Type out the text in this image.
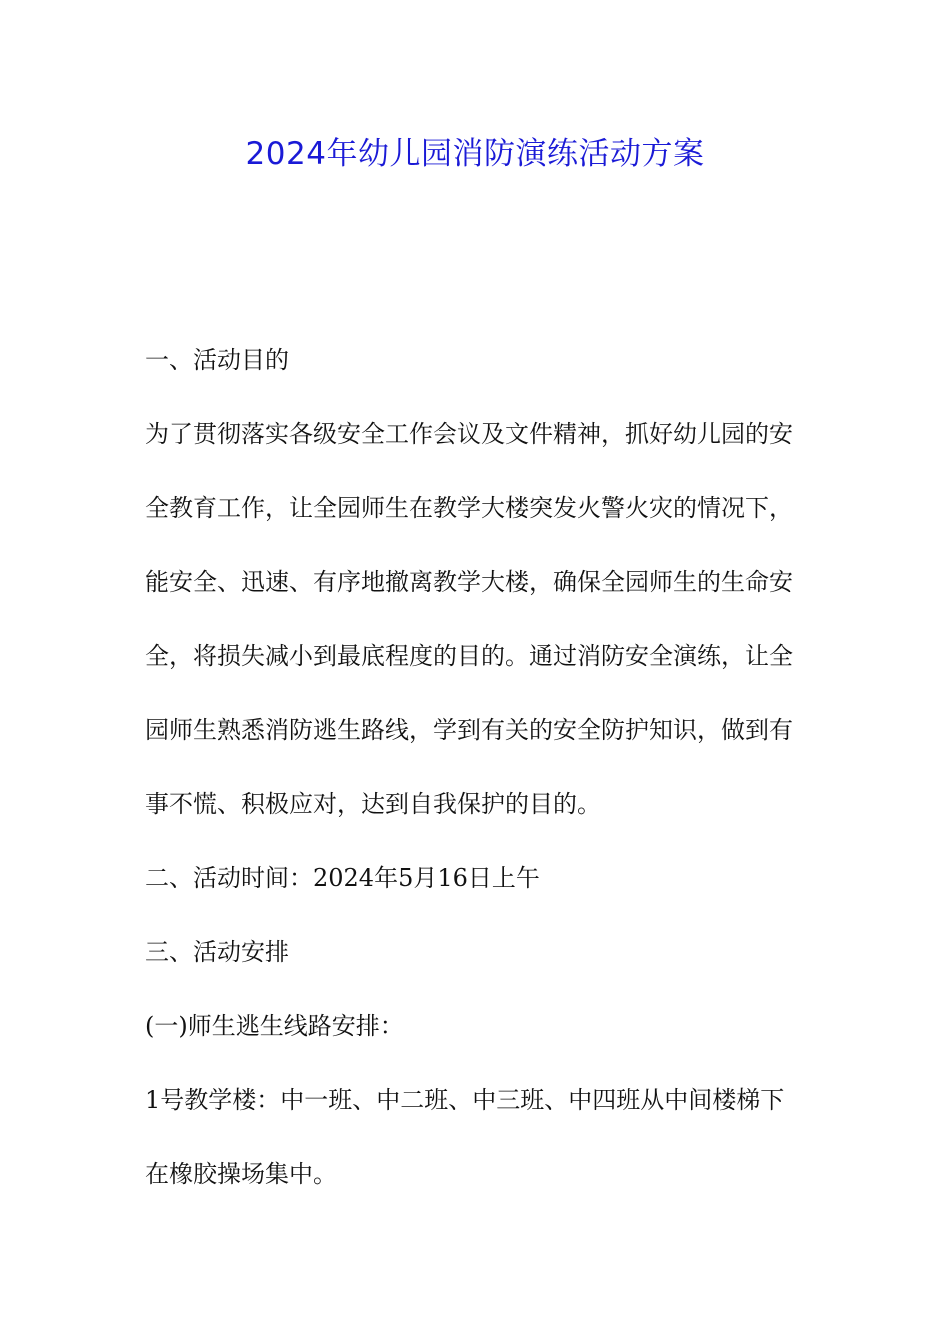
2024年幼儿园消防演练活动方案

一、活动目的

为了贯彻落实各级安全工作会议及文件精神，抓好幼儿园的安

全教育工作，让全园师生在教学大楼突发火警火灾的情况下，

能安全、迅速、有序地撤离教学大楼，确保全园师生的生命安

全，将损失减小到最底程度的目的。通过消防安全演练，让全

园师生熟悉消防逃生路线，学到有关的安全防护知识，做到有

事不慌、积极应对，达到自我保护的目的。

二、活动时间：2024年5月16日上午

三、活动安排

(一)师生逃生线路安排：

1号教学楼：中一班、中二班、中三班、中四班从中间楼梯下

在橡胶操场集中。
